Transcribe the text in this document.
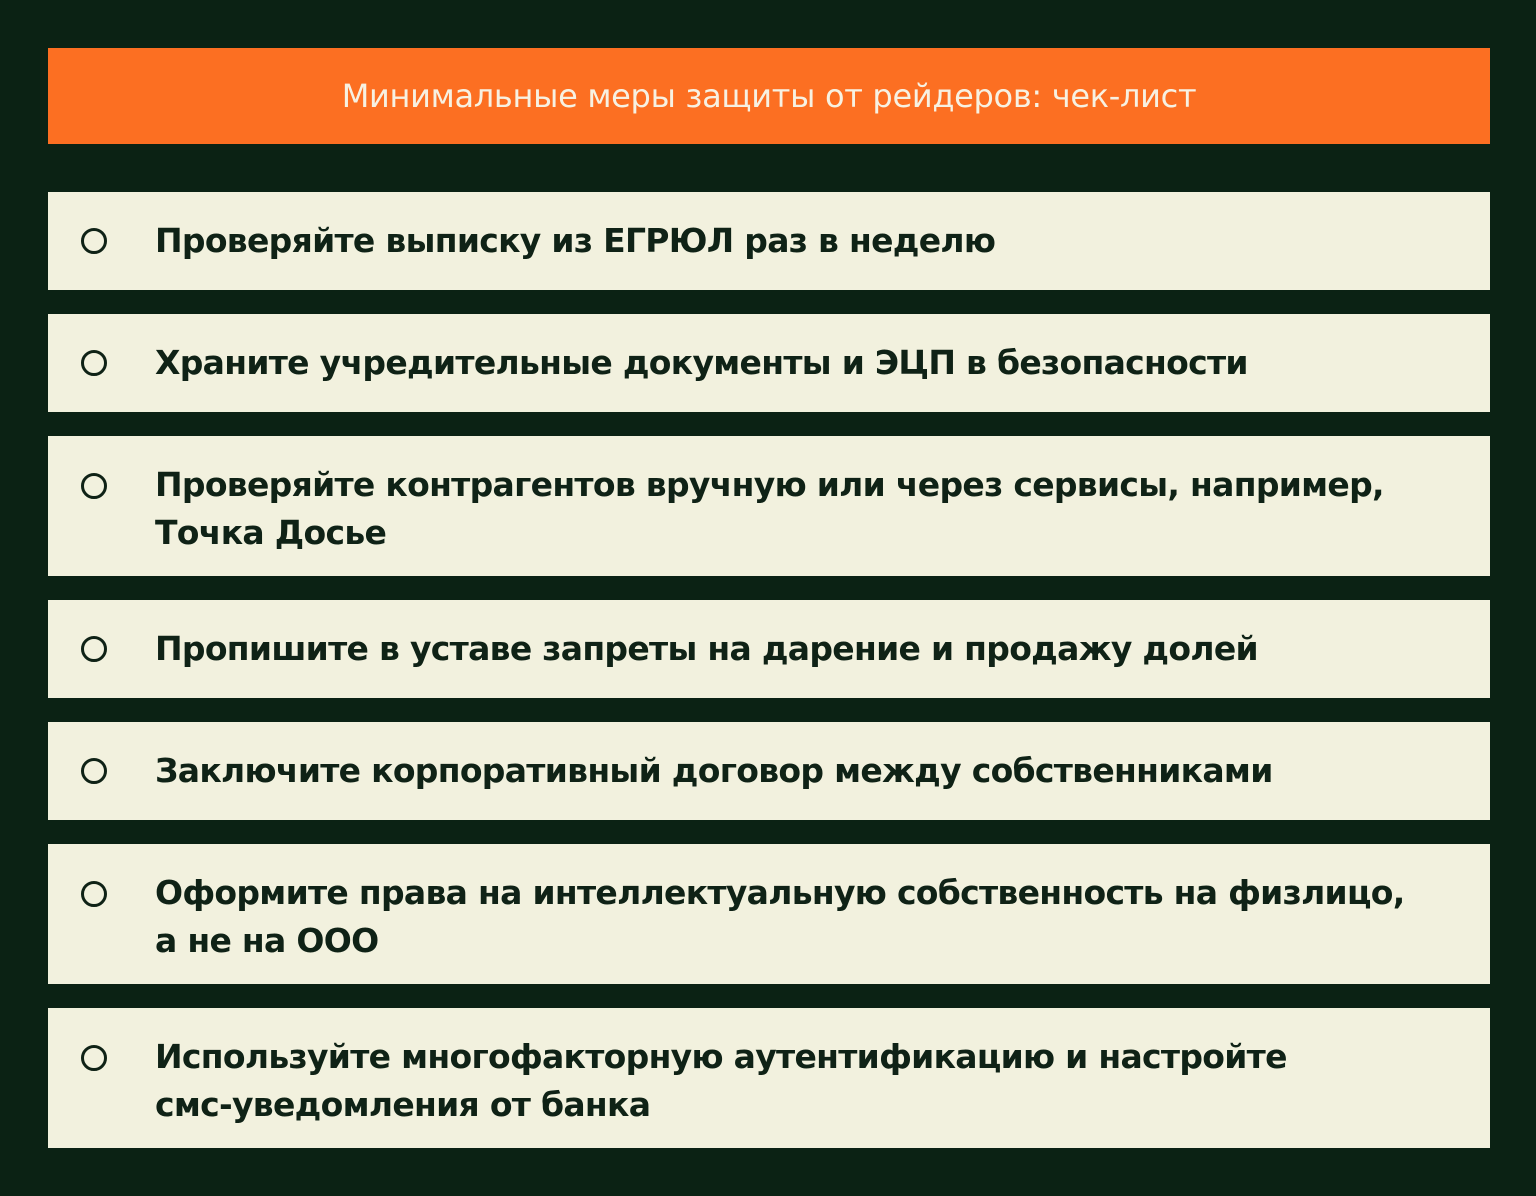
Минимальные меры защиты от рейдеров: чек-лист
Проверяйте выписку из ЕГРЮЛ раз в неделю
Храните учредительные документы и ЭЦП в безопасности
Проверяйте контрагентов вручную или через сервисы, например,
Точка Досье
Пропишите в уставе запреты на дарение и продажу долей
Заключите корпоративный договор между собственниками
Оформите права на интеллектуальную собственность на физлицо,
а не на ООО
Используйте многофакторную аутентификацию и настройте
смс-уведомления от банка
